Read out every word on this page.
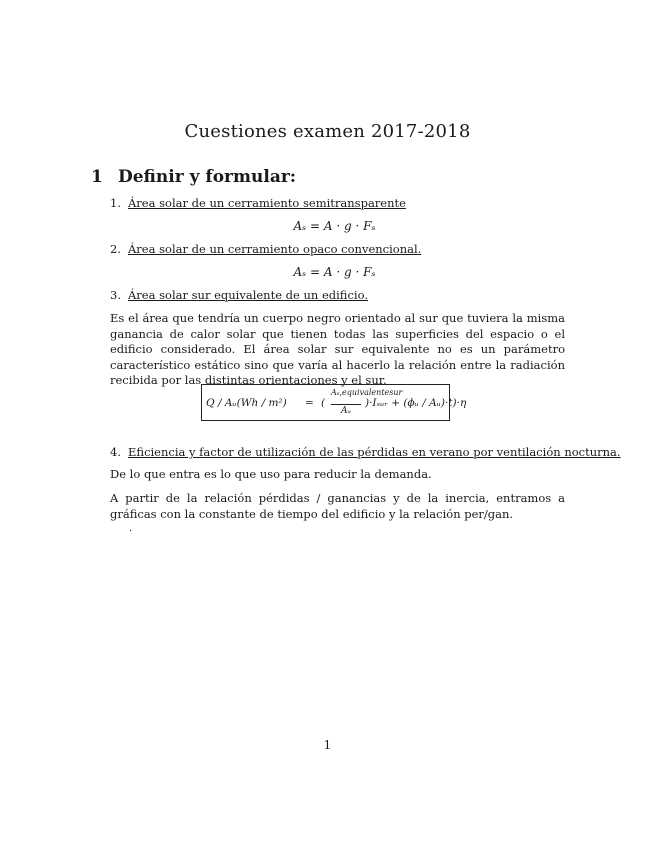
Cuestiones examen 2017-2018
1 Definir y formular:
1. Área solar de un cerramiento semitransparente
Aₛ = A · g · Fₛ
2. Área solar de un cerramiento opaco convencional.
Aₛ = A · g · Fₛ
3. Área solar sur equivalente de un edificio.
Es el área que tendría un cuerpo negro orientado al sur que tuviera la misma ganancia de calor solar que tienen todas las superficies del espacio o el edificio considerado. El área solar sur equivalente no es un parámetro característico estático sino que varía al hacerlo la relación entre la radiación recibida por las distintas orientaciones y el sur.
Q / Aᵤ(Wh / m²) = (
Aₛ,equivalentesur
Aᵤ
)·Iₛᵤᵣ + (ϕᵤ / Aᵤ)·t)·η
4. Eficiencia y factor de utilización de las pérdidas en verano por ventilación nocturna.
De lo que entra es lo que uso para reducir la demanda.
A partir de la relación pérdidas / ganancias y de la inercia, entramos a gráficas con la constante de tiempo del edificio y la relación per/gan.
·
1
